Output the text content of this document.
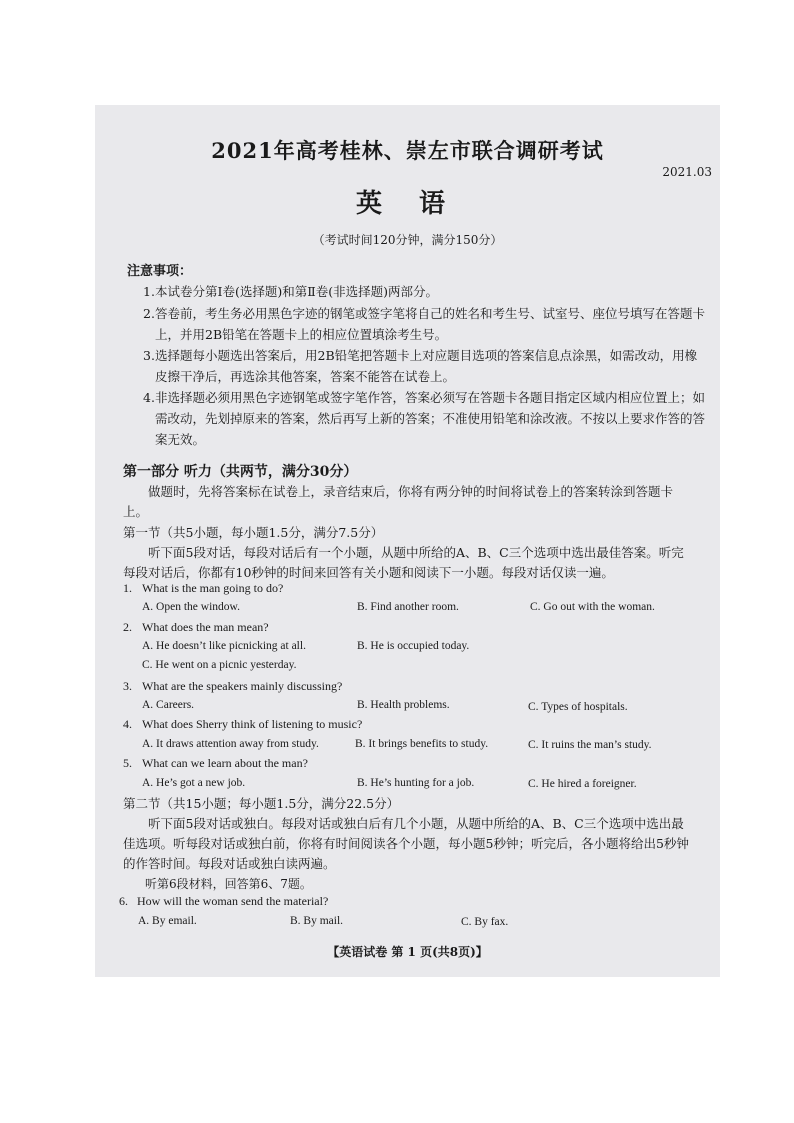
2021年高考桂林、崇左市联合调研考试
2021.03
英 语
（考试时间120分钟，满分150分）
注意事项：
1. 本试卷分第Ⅰ卷(选择题)和第Ⅱ卷(非选择题)两部分。
2. 答卷前，考生务必用黑色字迹的钢笔或签字笔将自己的姓名和考生号、试室号、座位号填写在答题卡上，并用2B铅笔在答题卡上的相应位置填涂考生号。
3. 选择题每小题选出答案后，用2B铅笔把答题卡上对应题目选项的答案信息点涂黑，如需改动，用橡皮擦干净后，再选涂其他答案，答案不能答在试卷上。
4. 非选择题必须用黑色字迹钢笔或签字笔作答，答案必须写在答题卡各题目指定区域内相应位置上；如需改动，先划掉原来的答案，然后再写上新的答案；不准使用铅笔和涂改液。不按以上要求作答的答案无效。
第一部分 听力（共两节，满分30分）
做题时，先将答案标在试卷上，录音结束后，你将有两分钟的时间将试卷上的答案转涂到答题卡上。
第一节（共5小题，每小题1.5分，满分7.5分）
听下面5段对话，每段对话后有一个小题，从题中所给的A、B、C三个选项中选出最佳答案。听完每段对话后，你都有10秒钟的时间来回答有关小题和阅读下一小题。每段对话仅读一遍。
1. What is the man going to do?
A. Open the window.	B. Find another room.	C. Go out with the woman.
2. What does the man mean?
A. He doesn’t like picnicking at all.	B. He is occupied today.
C. He went on a picnic yesterday.
3. What are the speakers mainly discussing?
A. Careers.	B. Health problems.	C. Types of hospitals.
4. What does Sherry think of listening to music?
A. It draws attention away from study.	B. It brings benefits to study.	C. It ruins the man’s study.
5. What can we learn about the man?
A. He’s got a new job.	B. He’s hunting for a job.	C. He hired a foreigner.
第二节（共15小题；每小题1.5分，满分22.5分）
听下面5段对话或独白。每段对话或独白后有几个小题，从题中所给的A、B、C三个选项中选出最佳选项。听每段对话或独白前，你将有时间阅读各个小题，每小题5秒钟；听完后，各小题将给出5秒钟的作答时间。每段对话或独白读两遍。
听第6段材料，回答第6、7题。
6. How will the woman send the material?
A. By email.	B. By mail.	C. By fax.
【英语试卷 第 1 页(共8页)】
